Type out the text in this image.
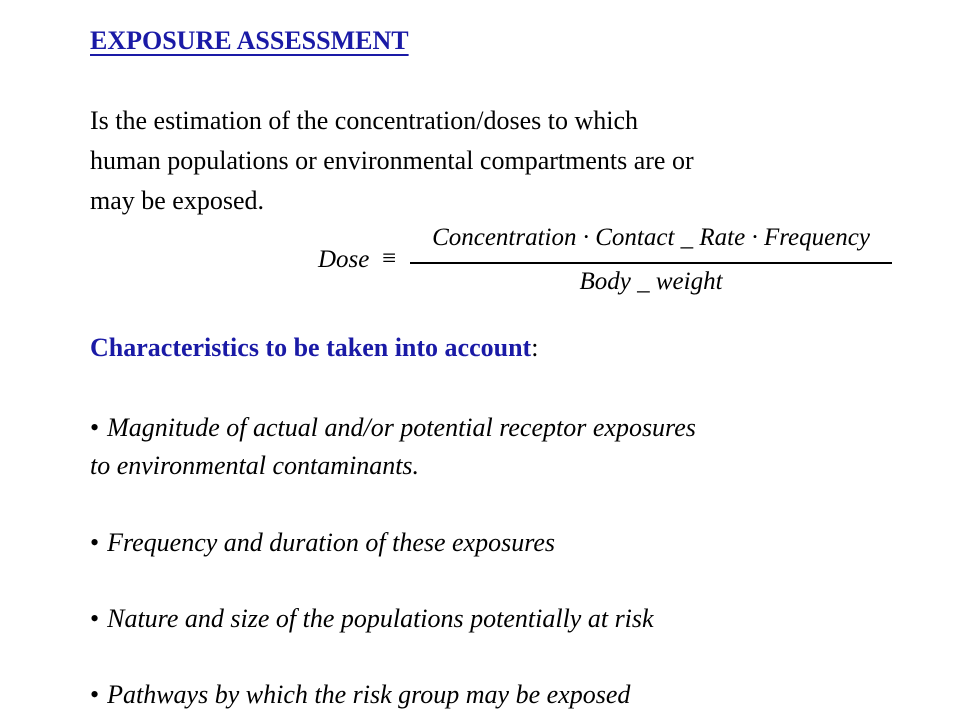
EXPOSURE ASSESSMENT
Is the estimation of the concentration/doses to which
human populations or environmental compartments are or
may be exposed.
Dose ≡
Concentration · Contact _ Rate · Frequency
Body _ weight
Characteristics to be taken into account:
• Magnitude of actual and/or potential receptor exposures
to environmental contaminants.
• Frequency and duration of these exposures
• Nature and size of the populations potentially at risk
• Pathways by which the risk group may be exposed
